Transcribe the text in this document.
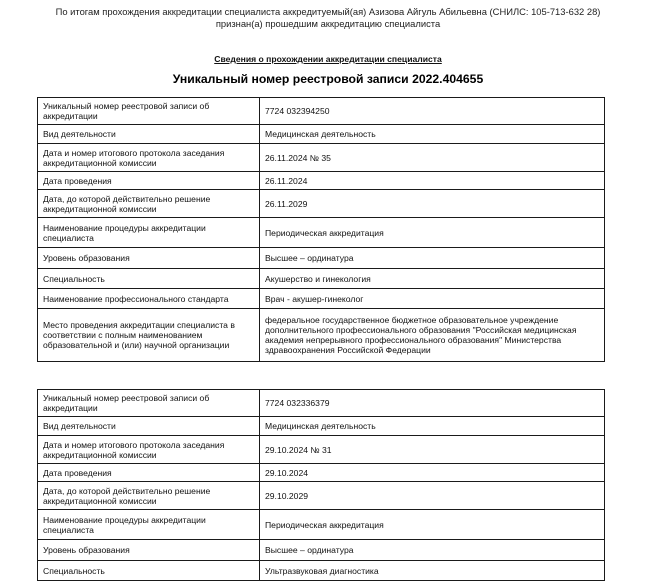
По итогам прохождения аккредитации специалиста аккредитуемый(ая) Азизова Айгуль Абильевна (СНИЛС: 105-713-632 28)
признан(а) прошедшим аккредитацию специалиста
Сведения о прохождении аккредитации специалиста
Уникальный номер реестровой записи 2022.404655
Уникальный номер реестровой записи об аккредитации	7724 032394250
Вид деятельности	Медицинская деятельность
Дата и номер итогового протокола заседания аккредитационной комиссии	26.11.2024 № 35
Дата проведения	26.11.2024
Дата, до которой действительно решение аккредитационной комиссии	26.11.2029
Наименование процедуры аккредитации специалиста	Периодическая аккредитация
Уровень образования	Высшее – ординатура
Специальность	Акушерство и гинекология
Наименование профессионального стандарта	Врач - акушер-гинеколог
Место проведения аккредитации специалиста в соответствии с полным наименованием образовательной и (или) научной организации	федеральное государственное бюджетное образовательное учреждение дополнительного профессионального образования "Российская медицинская академия непрерывного профессионального образования" Министерства здравоохранения Российской Федерации
Уникальный номер реестровой записи об аккредитации	7724 032336379
Вид деятельности	Медицинская деятельность
Дата и номер итогового протокола заседания аккредитационной комиссии	29.10.2024 № 31
Дата проведения	29.10.2024
Дата, до которой действительно решение аккредитационной комиссии	29.10.2029
Наименование процедуры аккредитации специалиста	Периодическая аккредитация
Уровень образования	Высшее – ординатура
Специальность	Ультразвуковая диагностика
